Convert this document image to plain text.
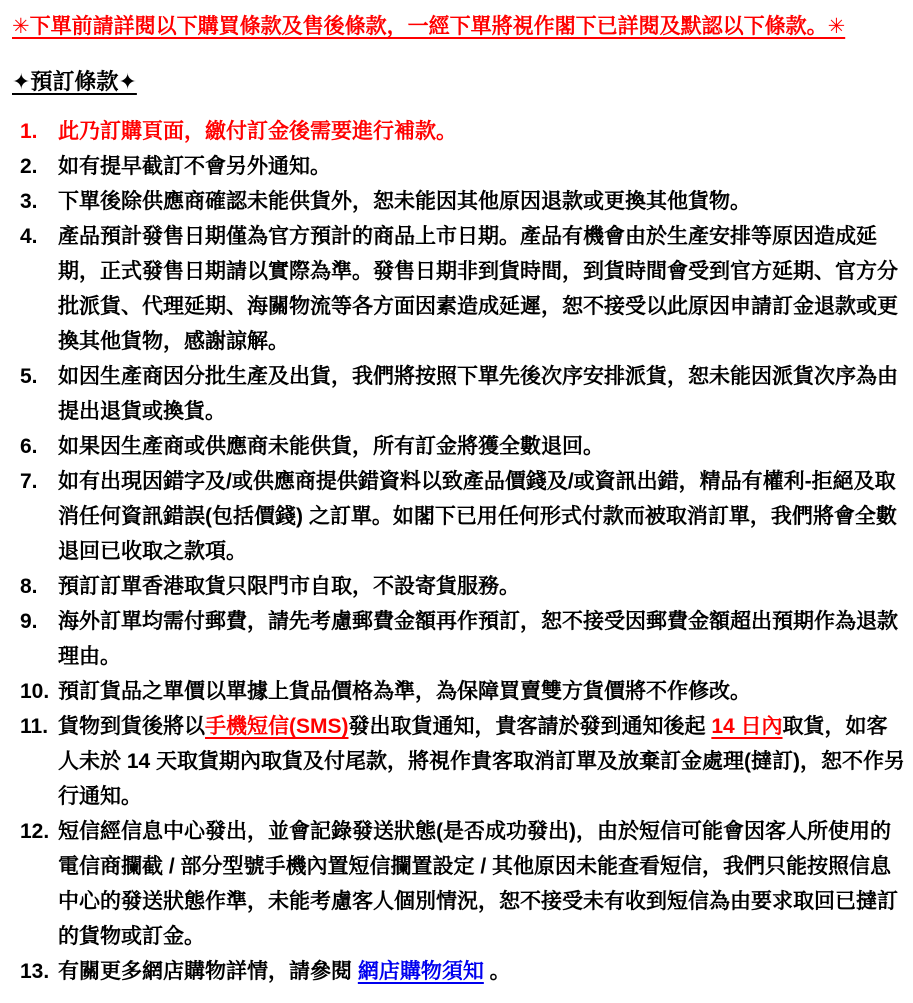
✳︎下單前請詳閱以下購買條款及售後條款，一經下單將視作閣下已詳閱及默認以下條款。✳︎
✦預訂條款✦
1. 此乃訂購頁面，繳付訂金後需要進行補款。
2. 如有提早截訂不會另外通知。
3. 下單後除供應商確認未能供貨外，恕未能因其他原因退款或更換其他貨物。
4. 產品預計發售日期僅為官方預計的商品上市日期。產品有機會由於生產安排等原因造成延期，正式發售日期請以實際為準。發售日期非到貨時間，到貨時間會受到官方延期、官方分批派貨、代理延期、海關物流等各方面因素造成延遲，恕不接受以此原因申請訂金退款或更換其他貨物，感謝諒解。
5. 如因生產商因分批生產及出貨，我們將按照下單先後次序安排派貨，恕未能因派貨次序為由提出退貨或換貨。
6. 如果因生產商或供應商未能供貨，所有訂金將獲全數退回。
7. 如有出現因錯字及/或供應商提供錯資料以致產品價錢及/或資訊出錯，精品有權利-拒絕及取消任何資訊錯誤(包括價錢) 之訂單。如閣下已用任何形式付款而被取消訂單，我們將會全數退回已收取之款項。
8. 預訂訂單香港取貨只限門市自取，不設寄貨服務。
9. 海外訂單均需付郵費，請先考慮郵費金額再作預訂，恕不接受因郵費金額超出預期作為退款理由。
10. 預訂貨品之單價以單據上貨品價格為準，為保障買賣雙方貨價將不作修改。
11. 貨物到貨後將以手機短信(SMS)發出取貨通知，貴客請於發到通知後起 14 日內取貨，如客人未於 14 天取貨期內取貨及付尾款，將視作貴客取消訂單及放棄訂金處理(撻訂)，恕不作另行通知。
12. 短信經信息中心發出，並會記錄發送狀態(是否成功發出)，由於短信可能會因客人所使用的電信商攔截 / 部分型號手機內置短信攔置設定 / 其他原因未能查看短信，我們只能按照信息中心的發送狀態作準，未能考慮客人個別情況，恕不接受未有收到短信為由要求取回已撻訂的貨物或訂金。
13. 有關更多網店購物詳情，請參閱 網店購物須知 。
